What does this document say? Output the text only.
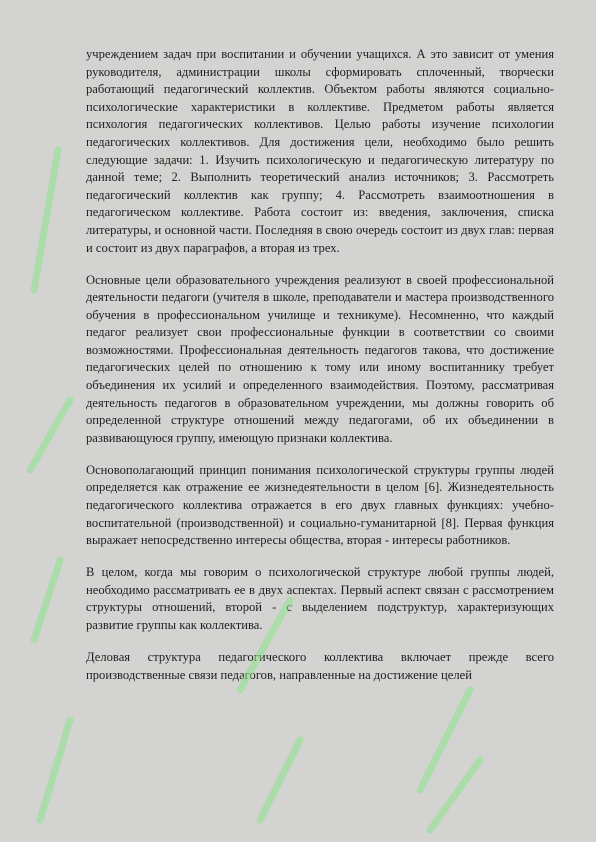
учреждением задач при воспитании и обучении учащихся. А это зависит от умения руководителя, администрации школы сформировать сплоченный, творчески работающий педагогический коллектив. Объектом работы являются социально-психологические характеристики в коллективе. Предметом работы является психология педагогических коллективов. Целью работы изучение психологии педагогических коллективов. Для достижения цели, необходимо было решить следующие задачи: 1. Изучить психологическую и педагогическую литературу по данной теме; 2. Выполнить теоретический анализ источников; 3. Рассмотреть педагогический коллектив как группу; 4. Рассмотреть взаимоотношения в педагогическом коллективе. Работа состоит из: введения, заключения, списка литературы, и основной части. Последняя в свою очередь состоит из двух глав: первая и состоит из двух параграфов, а вторая из трех.

Основные цели образовательного учреждения реализуют в своей профессиональной деятельности педагоги (учителя в школе, преподаватели и мастера производственного обучения в профессиональном училище и техникуме). Несомненно, что каждый педагог реализует свои профессиональные функции в соответствии со своими возможностями. Профессиональная деятельность педагогов такова, что достижение педагогических целей по отношению к тому или иному воспитаннику требует объединения их усилий и определенного взаимодействия. Поэтому, рассматривая деятельность педагогов в образовательном учреждении, мы должны говорить об определенной структуре отношений между педагогами, об их объединении в развивающуюся группу, имеющую признаки коллектива.

Основополагающий принцип понимания психологической структуры группы людей определяется как отражение ее жизнедеятельности в целом [6]. Жизнедеятельность педагогического коллектива отражается в его двух главных функциях: учебно-воспитательной (производственной) и социально-гуманитарной [8]. Первая функция выражает непосредственно интересы общества, вторая - интересы работников.

В целом, когда мы говорим о психологической структуре любой группы людей, необходимо рассматривать ее в двух аспектах. Первый аспект связан с рассмотрением структуры отношений, второй - с выделением подструктур, характеризующих развитие группы как коллектива.

Деловая структура педагогического коллектива включает прежде всего производственные связи педагогов, направленные на достижение целей
